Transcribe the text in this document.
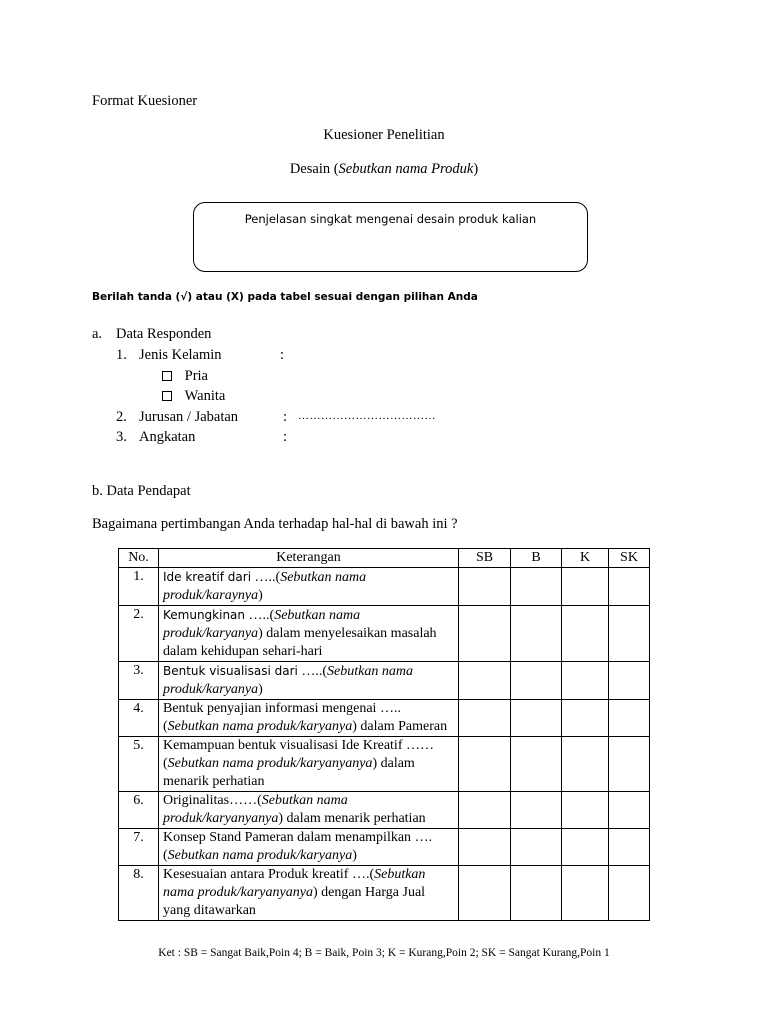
Format Kuesioner
Kuesioner Penelitian
Desain (Sebutkan nama Produk)
Penjelasan singkat mengenai desain produk kalian
Berilah tanda (√) atau (X) pada tabel sesuai dengan pilihan Anda
a. Data Responden
1. Jenis Kelamin	:
Pria
Wanita
2. Jurusan / Jabatan	: ………………………………
3. Angkatan	:
b. Data Pendapat
Bagaimana pertimbangan Anda terhadap hal-hal di bawah ini ?
No.	Keterangan	SB	B	K	SK
1.	Ide kreatif dari …..(Sebutkan nama produk/karaynya)				
2.	Kemungkinan …..(Sebutkan nama produk/karyanya) dalam menyelesaikan masalah dalam kehidupan sehari-hari				
3.	Bentuk visualisasi dari …..(Sebutkan nama produk/karyanya)				
4.	Bentuk penyajian informasi mengenai …..(Sebutkan nama produk/karyanya) dalam Pameran				
5.	Kemampuan bentuk visualisasi Ide Kreatif ……(Sebutkan nama produk/karyanyanya) dalam menarik perhatian				
6.	Originalitas……(Sebutkan nama produk/karyanyanya) dalam menarik perhatian				
7.	Konsep Stand Pameran dalam menampilkan ….(Sebutkan nama produk/karyanya)				
8.	Kesesuaian antara Produk kreatif ….(Sebutkan nama produk/karyanyanya) dengan Harga Jual yang ditawarkan				
Ket : SB = Sangat Baik,Poin 4; B = Baik, Poin 3; K = Kurang,Poin 2; SK = Sangat Kurang,Poin 1
